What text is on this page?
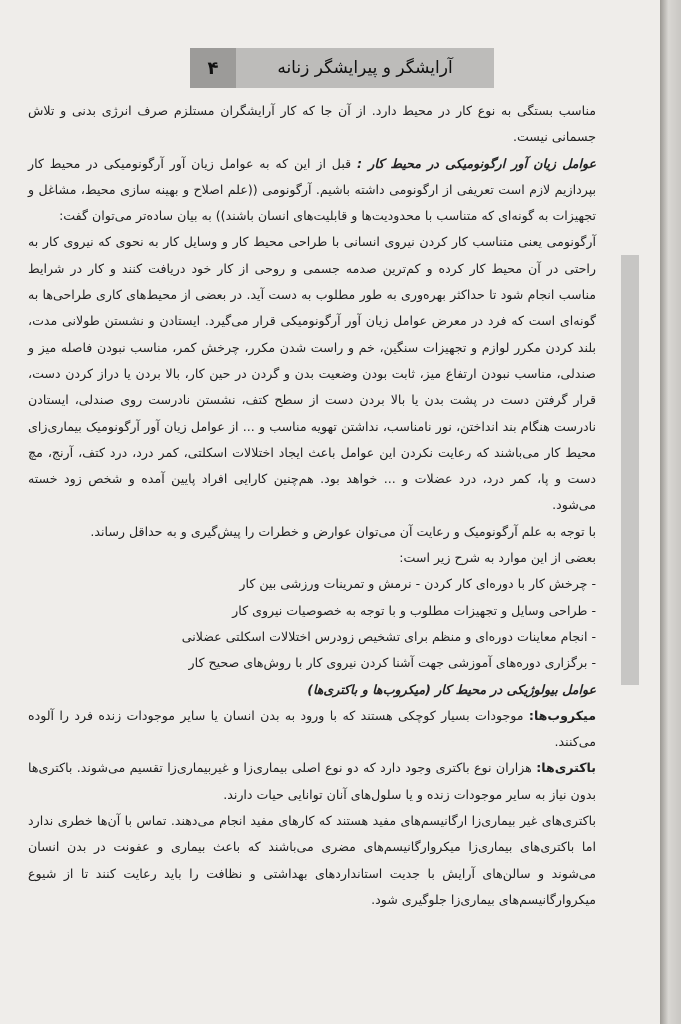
۴	آرایشگر و پیرایشگر زنانه

مناسب بستگی به نوع کار در محیط دارد. از آن جا که کار آرایشگران مستلزم صرف انرژی بدنی و تلاش جسمانی نیست.

عوامل زیان آور ارگونومیکی در محیط کار : قبل از این که به عوامل زیان آور آرگونومیکی در محیط کار بپردازیم لازم است تعریفی از ارگونومی داشته باشیم. آرگونومی ((علم اصلاح و بهینه سازی محیط، مشاغل و تجهیزات به گونه‌ای که متناسب با محدودیت‌ها و قابلیت‌های انسان باشند)) به بیان ساده‌تر می‌توان گفت:

آرگونومی یعنی متناسب کار کردن نیروی انسانی با طراحی محیط کار و وسایل کار به نحوی که نیروی کار به راحتی در آن محیط کار کرده و کم‌ترین صدمه جسمی و روحی از کار خود دریافت کنند و کار در شرایط مناسب انجام شود تا حداکثر بهره‌وری به طور مطلوب به دست آید. در بعضی از محیط‌های کاری طراحی‌ها به گونه‌ای است که فرد در معرض عوامل زیان آور آرگونومیکی قرار می‌گیرد. ایستادن و نشستن طولانی مدت، بلند کردن مکرر لوازم و تجهیزات سنگین، خم و راست شدن مکرر، چرخش کمر، مناسب نبودن فاصله میز و صندلی، مناسب نبودن ارتفاع میز، ثابت بودن وضعیت بدن و گردن در حین کار، بالا بردن یا دراز کردن دست، قرار گرفتن دست در پشت بدن یا بالا بردن دست از سطح کتف، نشستن نادرست روی صندلی، ایستادن نادرست هنگام بند انداختن، نور نامناسب، نداشتن تهویه مناسب و ... از عوامل زیان آور آرگونومیک بیماری‌زای محیط کار می‌باشند که رعایت نکردن این عوامل باعث ایجاد اختلالات اسکلتی، کمر درد، درد کتف، آرنج، مچ دست و پا، کمر درد، درد عضلات و ... خواهد بود. هم‌چنین کارایی افراد پایین آمده و شخص زود خسته می‌شود.

با توجه به علم آرگونومیک و رعایت آن می‌توان عوارض و خطرات را پیش‌گیری و به حداقل رساند.

بعضی از این موارد به شرح زیر است:

- چرخش کار با دوره‌ای کار کردن - نرمش و تمرینات ورزشی بین کار

- طراحی وسایل و تجهیزات مطلوب و با توجه به خصوصیات نیروی کار

- انجام معاینات دوره‌ای و منظم برای تشخیص زودرس اختلالات اسکلتی عضلانی

- برگزاری دوره‌های آموزشی جهت آشنا کردن نیروی کار با روش‌های صحیح کار

عوامل بیولوژیکی در محیط کار (میکروب‌ها و باکتری‌ها)

میکروب‌ها: موجودات بسیار کوچکی هستند که با ورود به بدن انسان یا سایر موجودات زنده فرد را آلوده می‌کنند.

باکتری‌ها: هزاران نوع باکتری وجود دارد که دو نوع اصلی بیماری‌زا و غیربیماری‌زا تقسیم می‌شوند. باکتری‌ها بدون نیاز به سایر موجودات زنده و یا سلول‌های آنان توانایی حیات دارند.

باکتری‌های غیر بیماری‌زا ارگانیسم‌های مفید هستند که کارهای مفید انجام می‌دهند. تماس با آن‌ها خطری ندارد اما باکتری‌های بیماری‌زا میکروارگانیسم‌های مضری می‌باشند که باعث بیماری و عفونت در بدن انسان می‌شوند و سالن‌های آرایش با جدیت استانداردهای بهداشتی و نظافت را باید رعایت کنند تا از شیوع میکروارگانیسم‌های بیماری‌زا جلوگیری شود.
